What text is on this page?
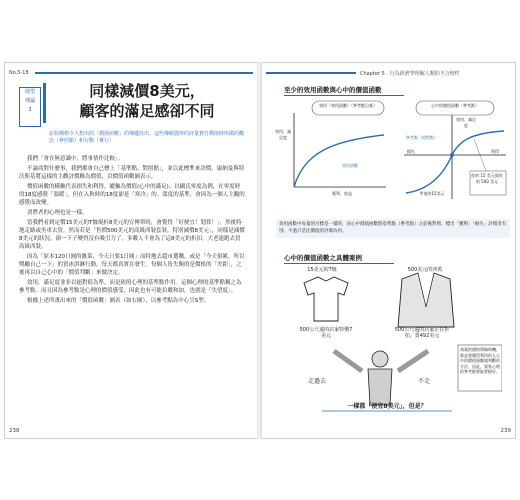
No.5-18
展望
理論
3
同樣減價8美元，
顧客的滿足感卻不同
原始價格令人想出的「價值函數」的傳遞改出、這些傳統隱形的評量費打價值時所做的概念（參照點）和行動（實行）

我們「會在無意識中，將事情作比較」。

不論商對什麼事，我們都會自己標上「基準點、對照點」，並以此標準來評價。康納曼與特沃斯基將這樣的主觀評價稱為價值，以價值函數圖表示。

價值函數的橫軸代表損失和利得，縱軸為價值(心中的滿足)。以攝氏零度為例，在零度時的18度感覺「溫暖」，但在入秋時的18度卻是「寒冷」的。溫度的基準，會因為一個人主觀的感覺而改變。

消費者的心理也是一樣。

當我們看到定價15美元的T恤現折8美元的宣傳單時，會覺得「好便宜！划算！」，然後特地走路或坐車去買。然而若是「售價500美元的高級西裝套裝，特別減價8美元」，同樣是減價8美元的狀況，卻一下子變得沒有吸引力了。多數人不會為了這8美元的折扣，大老遠跑去買高級西裝。

因為「原本120日圓的雜菜，今天只要1日圓」而特地去超市選購，或是「今天很累，所以獎勵自己一下」的買冰淇淋行動，每天都真實在發生。每個人皆失衡的是價格的「差距」，之後再以自己心中的「價值判斷」來做決定。

效用，滿足度並非以絕對值為準，而是依照心理的基準點作用。這個心理的基準點稱之為參考點。而且因為參考點是心理的價值感受，因此也有可能負數和加，也就是「失望度」。

根據上述所畫出來的「價值函數」圖表（如右圖），以參考點為中心呈S型。

238
Chapter 5　行為經濟學理解人類的不合理性
至少的效用函數與心中的價值函數
效用（效用函數）（參考點目基）	心中的價值函數（參考點）
效用、滿足度
效用函數
獲利、收益
效用、滿足度
損失	利得
參考點（相對點）
你的 15 美元與你的 500 美元
甲低的15美元
效用函數中每量的目標是一樣的，而心中價值函數將基準點（參考點）之前後對照、標出「獲利」「損失」評價者有別。不過只是比價值的評價為何。
心中的價值函數之具體案例
15美元的T恤	500美元的西裝
500公尺遠的店家特價7美元
500公尺遠的店家正在折扣，賣492美元
走過去	不走
商業的價格策略時機，都是要懂得利用的人心中的價值函數做判斷的方法，因此，買家心理的參考點要能掌握好。
一樣都「便宜8美元」，但是？
239
